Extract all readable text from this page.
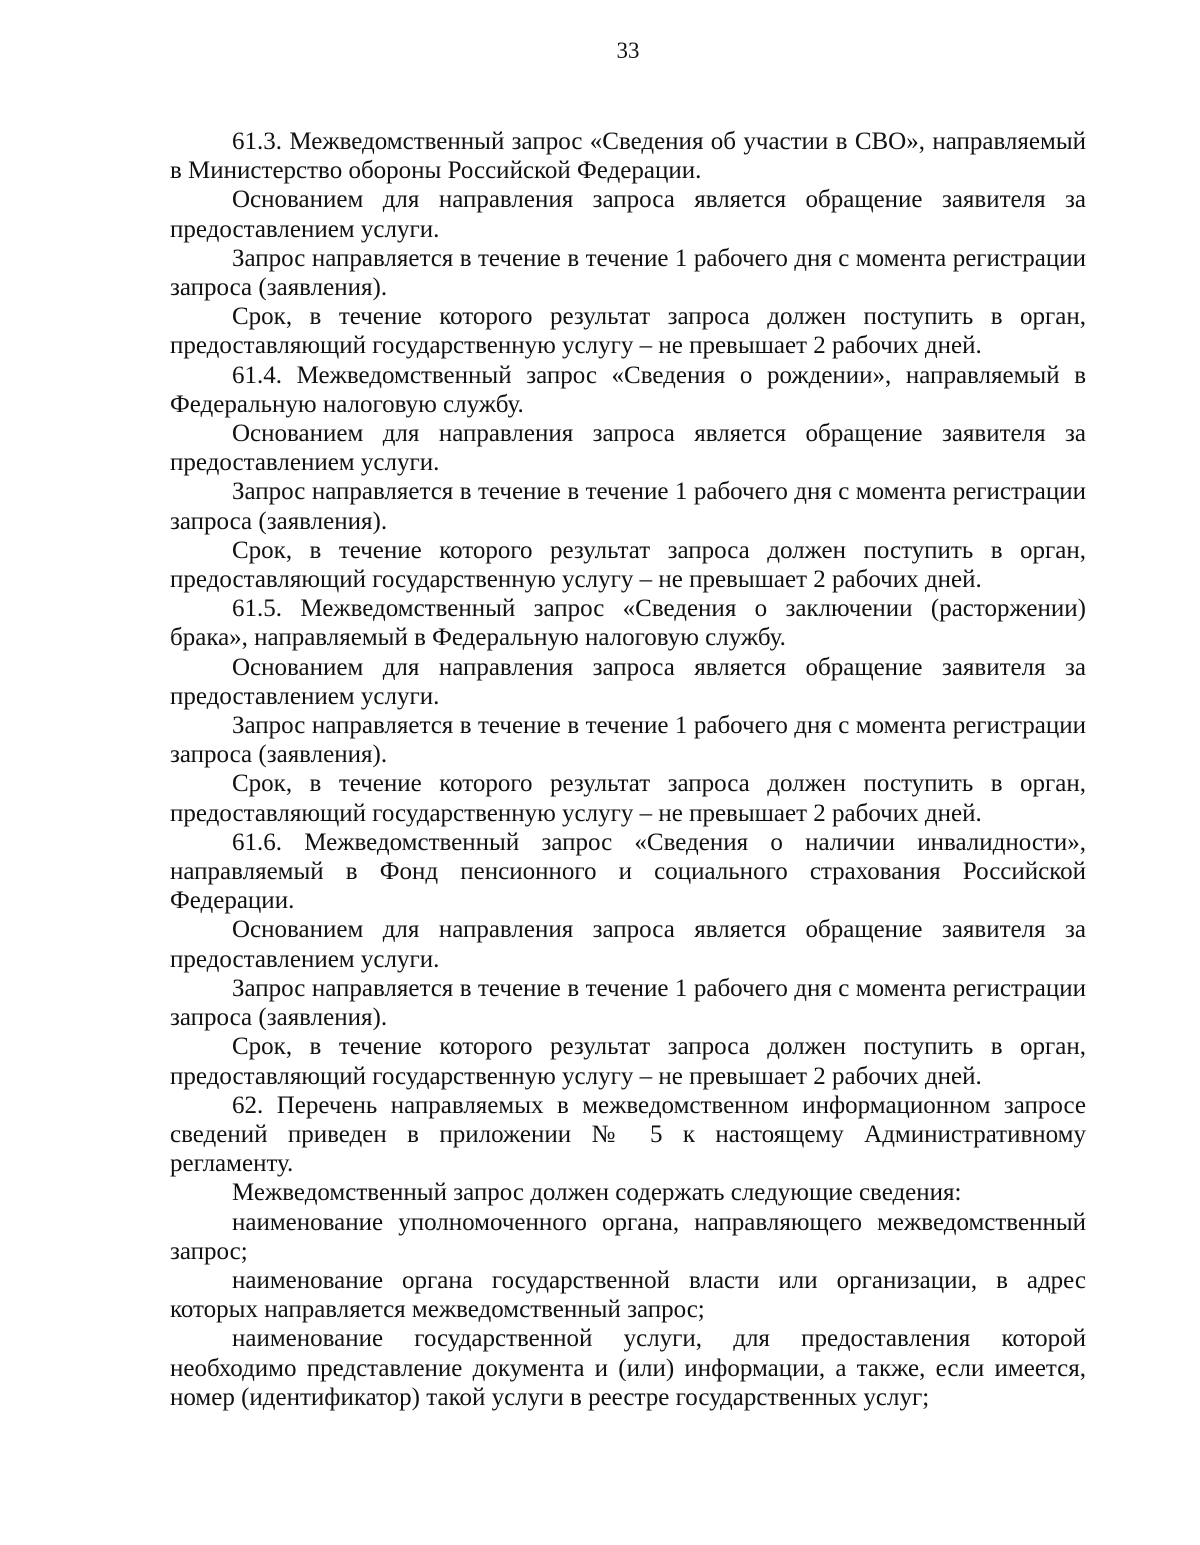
33

61.3. Межведомственный запрос «Сведения об участии в СВО», направляемый в Министерство обороны Российской Федерации.

Основанием для направления запроса является обращение заявителя за предоставлением услуги.

Запрос направляется в течение в течение 1 рабочего дня с момента регистрации запроса (заявления).

Срок, в течение которого результат запроса должен поступить в орган, предоставляющий государственную услугу – не превышает 2 рабочих дней.

61.4. Межведомственный запрос «Сведения о рождении», направляемый в Федеральную налоговую службу.

Основанием для направления запроса является обращение заявителя за предоставлением услуги.

Запрос направляется в течение в течение 1 рабочего дня с момента регистрации запроса (заявления).

Срок, в течение которого результат запроса должен поступить в орган, предоставляющий государственную услугу – не превышает 2 рабочих дней.

61.5. Межведомственный запрос «Сведения о заключении (расторжении) брака», направляемый в Федеральную налоговую службу.

Основанием для направления запроса является обращение заявителя за предоставлением услуги.

Запрос направляется в течение в течение 1 рабочего дня с момента регистрации запроса (заявления).

Срок, в течение которого результат запроса должен поступить в орган, предоставляющий государственную услугу – не превышает 2 рабочих дней.

61.6. Межведомственный запрос «Сведения о наличии инвалидности», направляемый в Фонд пенсионного и социального страхования Российской Федерации.

Основанием для направления запроса является обращение заявителя за предоставлением услуги.

Запрос направляется в течение в течение 1 рабочего дня с момента регистрации запроса (заявления).

Срок, в течение которого результат запроса должен поступить в орган, предоставляющий государственную услугу – не превышает 2 рабочих дней.

62. Перечень направляемых в межведомственном информационном запросе сведений приведен в приложении № 5 к настоящему Административному регламенту.

Межведомственный запрос должен содержать следующие сведения:

наименование уполномоченного органа, направляющего межведомственный запрос;

наименование органа государственной власти или организации, в адрес которых направляется межведомственный запрос;

наименование государственной услуги, для предоставления которой необходимо представление документа и (или) информации, а также, если имеется, номер (идентификатор) такой услуги в реестре государственных услуг;
